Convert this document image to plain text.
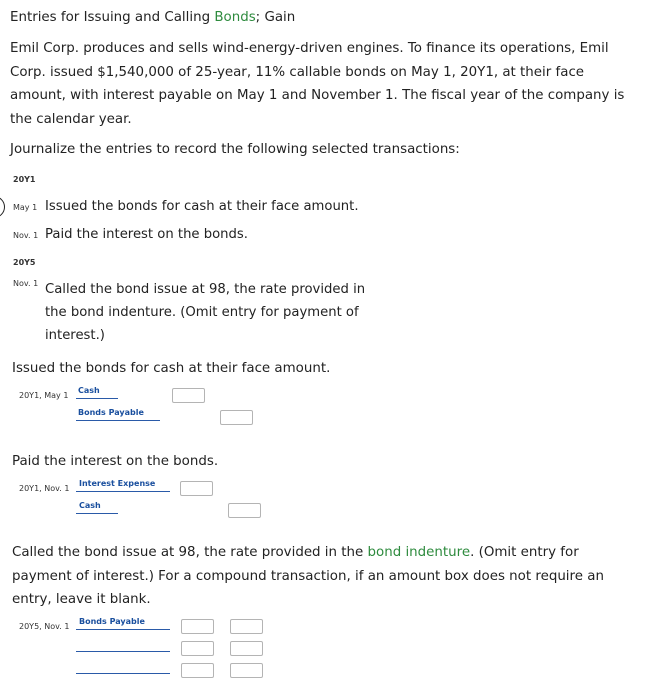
Entries for Issuing and Calling Bonds; Gain
Emil Corp. produces and sells wind-energy-driven engines. To finance its operations, Emil Corp. issued $1,540,000 of 25-year, 11% callable bonds on May 1, 20Y1, at their face amount, with interest payable on May 1 and November 1. The fiscal year of the company is the calendar year.
Journalize the entries to record the following selected transactions:
20Y1
May 1 Issued the bonds for cash at their face amount.
Nov. 1 Paid the interest on the bonds.
20Y5
Nov. 1 Called the bond issue at 98, the rate provided in
the bond indenture. (Omit entry for payment of
interest.)
Issued the bonds for cash at their face amount.
20Y1, May 1
Cash
Bonds Payable
Paid the interest on the bonds.
20Y1, Nov. 1
Interest Expense
Cash
Called the bond issue at 98, the rate provided in the bond indenture. (Omit entry for
payment of interest.) For a compound transaction, if an amount box does not require an
entry, leave it blank.
20Y5, Nov. 1
Bonds Payable
